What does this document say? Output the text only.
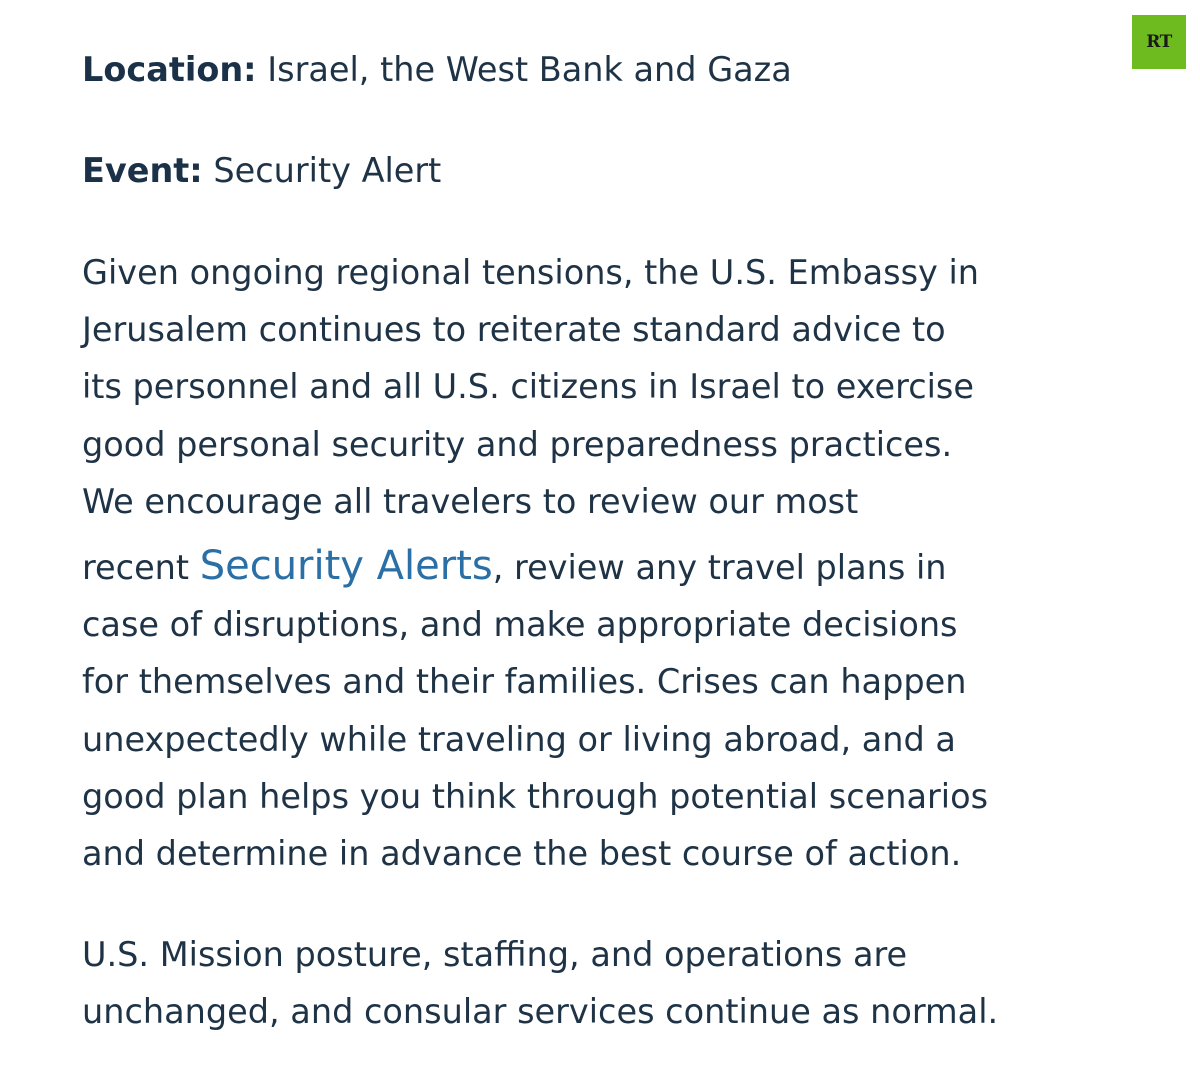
Location: Israel, the West Bank and Gaza
Event: Security Alert
Given ongoing regional tensions, the U.S. Embassy in
Jerusalem continues to reiterate standard advice to
its personnel and all U.S. citizens in Israel to exercise
good personal security and preparedness practices.
We encourage all travelers to review our most
recent Security Alerts, review any travel plans in
case of disruptions, and make appropriate decisions
for themselves and their families. Crises can happen
unexpectedly while traveling or living abroad, and a
good plan helps you think through potential scenarios
and determine in advance the best course of action.
U.S. Mission posture, staffing, and operations are
unchanged, and consular services continue as normal.
RT
